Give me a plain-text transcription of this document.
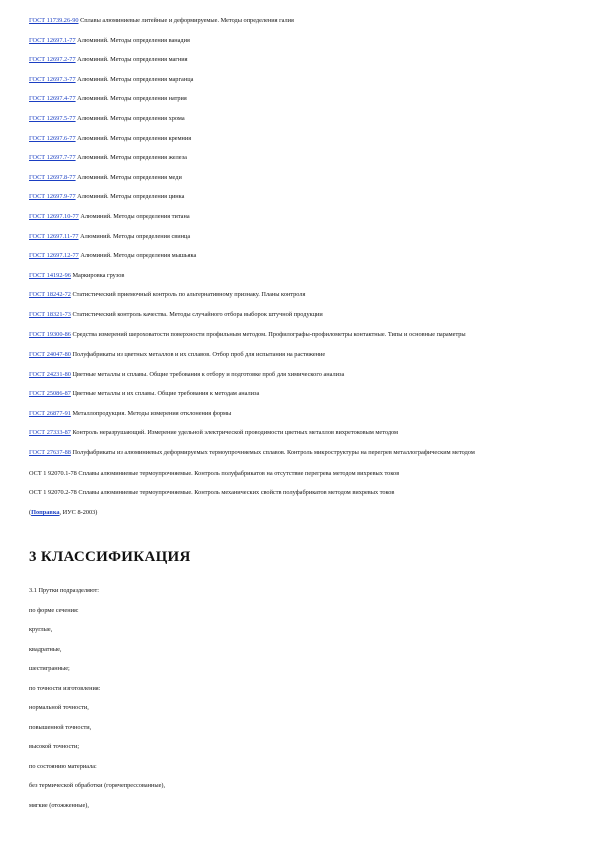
ГОСТ 11739.26-90 Сплавы алюминиевые литейные и деформируемые. Методы определения галия
ГОСТ 12697.1-77 Алюминий. Методы определения ванадия
ГОСТ 12697.2-77 Алюминий. Методы определения магния
ГОСТ 12697.3-77 Алюминий. Методы определения марганца
ГОСТ 12697.4-77 Алюминий. Методы определения натрия
ГОСТ 12697.5-77 Алюминий. Методы определения хрома
ГОСТ 12697.6-77 Алюминий. Методы определения кремния
ГОСТ 12697.7-77 Алюминий. Методы определения железа
ГОСТ 12697.8-77 Алюминий. Методы определения меди
ГОСТ 12697.9-77 Алюминий. Методы определения цинка
ГОСТ 12697.10-77 Алюминий. Методы определения титана
ГОСТ 12697.11-77 Алюминий. Методы определения свинца
ГОСТ 12697.12-77 Алюминий. Методы определения мышьяка
ГОСТ 14192-96 Маркировка грузов
ГОСТ 18242-72 Статистический приемочный контроль по альтернативному признаку. Планы контроля
ГОСТ 18321-73 Статистический контроль качества. Методы случайного отбора выборок штучной продукции
ГОСТ 19300-86 Средства измерений шероховатости поверхности профильным методом. Профилографы-профилометры контактные. Типы и основные параметры
ГОСТ 24047-80 Полуфабрикаты из цветных металлов и их сплавов. Отбор проб для испытания на растяжение
ГОСТ 24231-80 Цветные металлы и сплавы. Общие требования к отбору и подготовке проб для химического анализа
ГОСТ 25086-87 Цветные металлы и их сплавы. Общие требования к методам анализа
ГОСТ 26877-91 Металлопродукция. Методы измерения отклонения формы
ГОСТ 27333-87 Контроль неразрушающий. Измерение удельной электрической проводимости цветных металлов вихретоковым методом
ГОСТ 27637-88 Полуфабрикаты из алюминиевых деформируемых термоупрочняемых сплавов. Контроль микроструктуры на перегрев металлографическим методом
ОСТ 1 92070.1-78 Сплавы алюминиевые термоупрочняемые. Контроль полуфабрикатов на отсутствие перегрева методом вихревых токов
ОСТ 1 92070.2-78 Сплавы алюминиевые термоупрочняемые. Контроль механических свойств полуфабрикатов методом вихревых токов
(Поправка, ИУС 8-2003)
3 КЛАССИФИКАЦИЯ
3.1 Прутки подразделяют:
по форме сечения:
круглые,
квадратные,
шестигранные;
по точности изготовления:
нормальной точности,
повышенной точности,
высокой точности;
по состоянию материала:
без термической обработки (горячепрессованные),
мягкие (отожженные),
